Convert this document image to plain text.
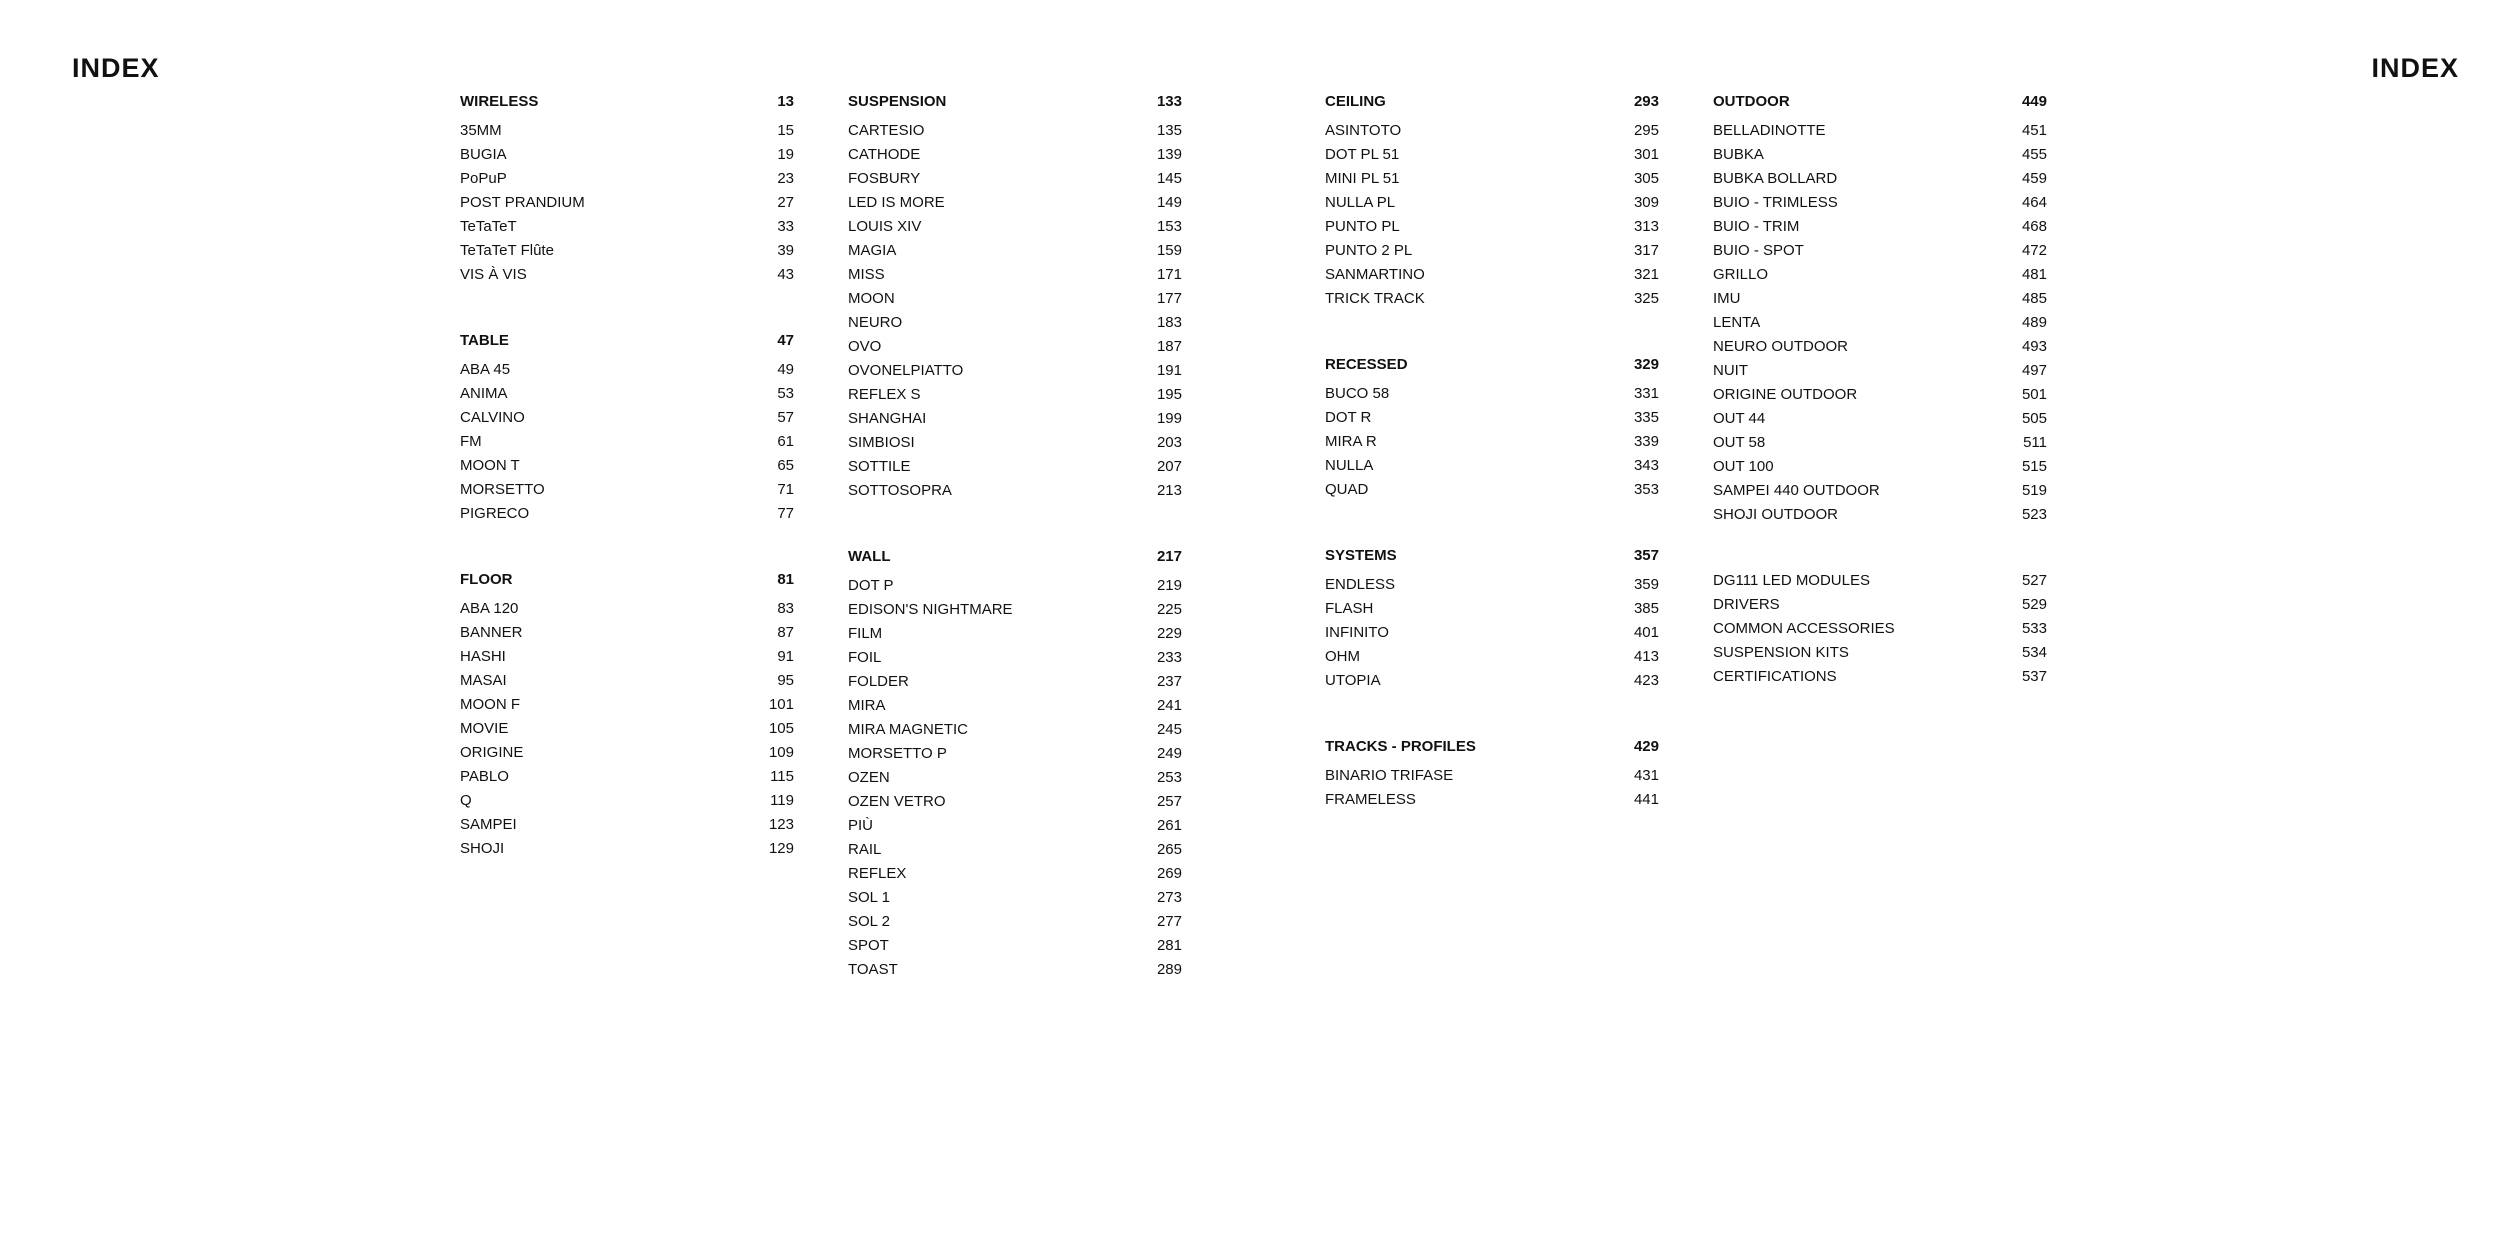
INDEX	INDEX
WIRELESS	13
35MM	15
BUGIA	19
PoPuP	23
POST PRANDIUM	27
TeTaTeT	33
TeTaTeT Flûte	39
VIS À VIS	43
TABLE	47
ABA 45	49
ANIMA	53
CALVINO	57
FM	61
MOON T	65
MORSETTO	71
PIGRECO	77
FLOOR	81
ABA 120	83
BANNER	87
HASHI	91
MASAI	95
MOON F	101
MOVIE	105
ORIGINE	109
PABLO	115
Q	119
SAMPEI	123
SHOJI	129
SUSPENSION	133
CARTESIO	135
CATHODE	139
FOSBURY	145
LED IS MORE	149
LOUIS XIV	153
MAGIA	159
MISS	171
MOON	177
NEURO	183
OVO	187
OVONELPIATTO	191
REFLEX S	195
SHANGHAI	199
SIMBIOSI	203
SOTTILE	207
SOTTOSOPRA	213
WALL	217
DOT P	219
EDISON'S NIGHTMARE	225
FILM	229
FOIL	233
FOLDER	237
MIRA	241
MIRA MAGNETIC	245
MORSETTO P	249
OZEN	253
OZEN VETRO	257
PIÙ	261
RAIL	265
REFLEX	269
SOL 1	273
SOL 2	277
SPOT	281
TOAST	289
CEILING	293
ASINTOTO	295
DOT PL 51	301
MINI PL 51	305
NULLA PL	309
PUNTO PL	313
PUNTO 2 PL	317
SANMARTINO	321
TRICK TRACK	325
RECESSED	329
BUCO 58	331
DOT R	335
MIRA R	339
NULLA	343
QUAD	353
SYSTEMS	357
ENDLESS	359
FLASH	385
INFINITO	401
OHM	413
UTOPIA	423
TRACKS - PROFILES	429
BINARIO TRIFASE	431
FRAMELESS	441
OUTDOOR	449
BELLADINOTTE	451
BUBKA	455
BUBKA BOLLARD	459
BUIO - TRIMLESS	464
BUIO - TRIM	468
BUIO - SPOT	472
GRILLO	481
IMU	485
LENTA	489
NEURO OUTDOOR	493
NUIT	497
ORIGINE OUTDOOR	501
OUT 44	505
OUT 58	511
OUT 100	515
SAMPEI 440 OUTDOOR	519
SHOJI OUTDOOR	523
DG111 LED MODULES	527
DRIVERS	529
COMMON ACCESSORIES	533
SUSPENSION KITS	534
CERTIFICATIONS	537
